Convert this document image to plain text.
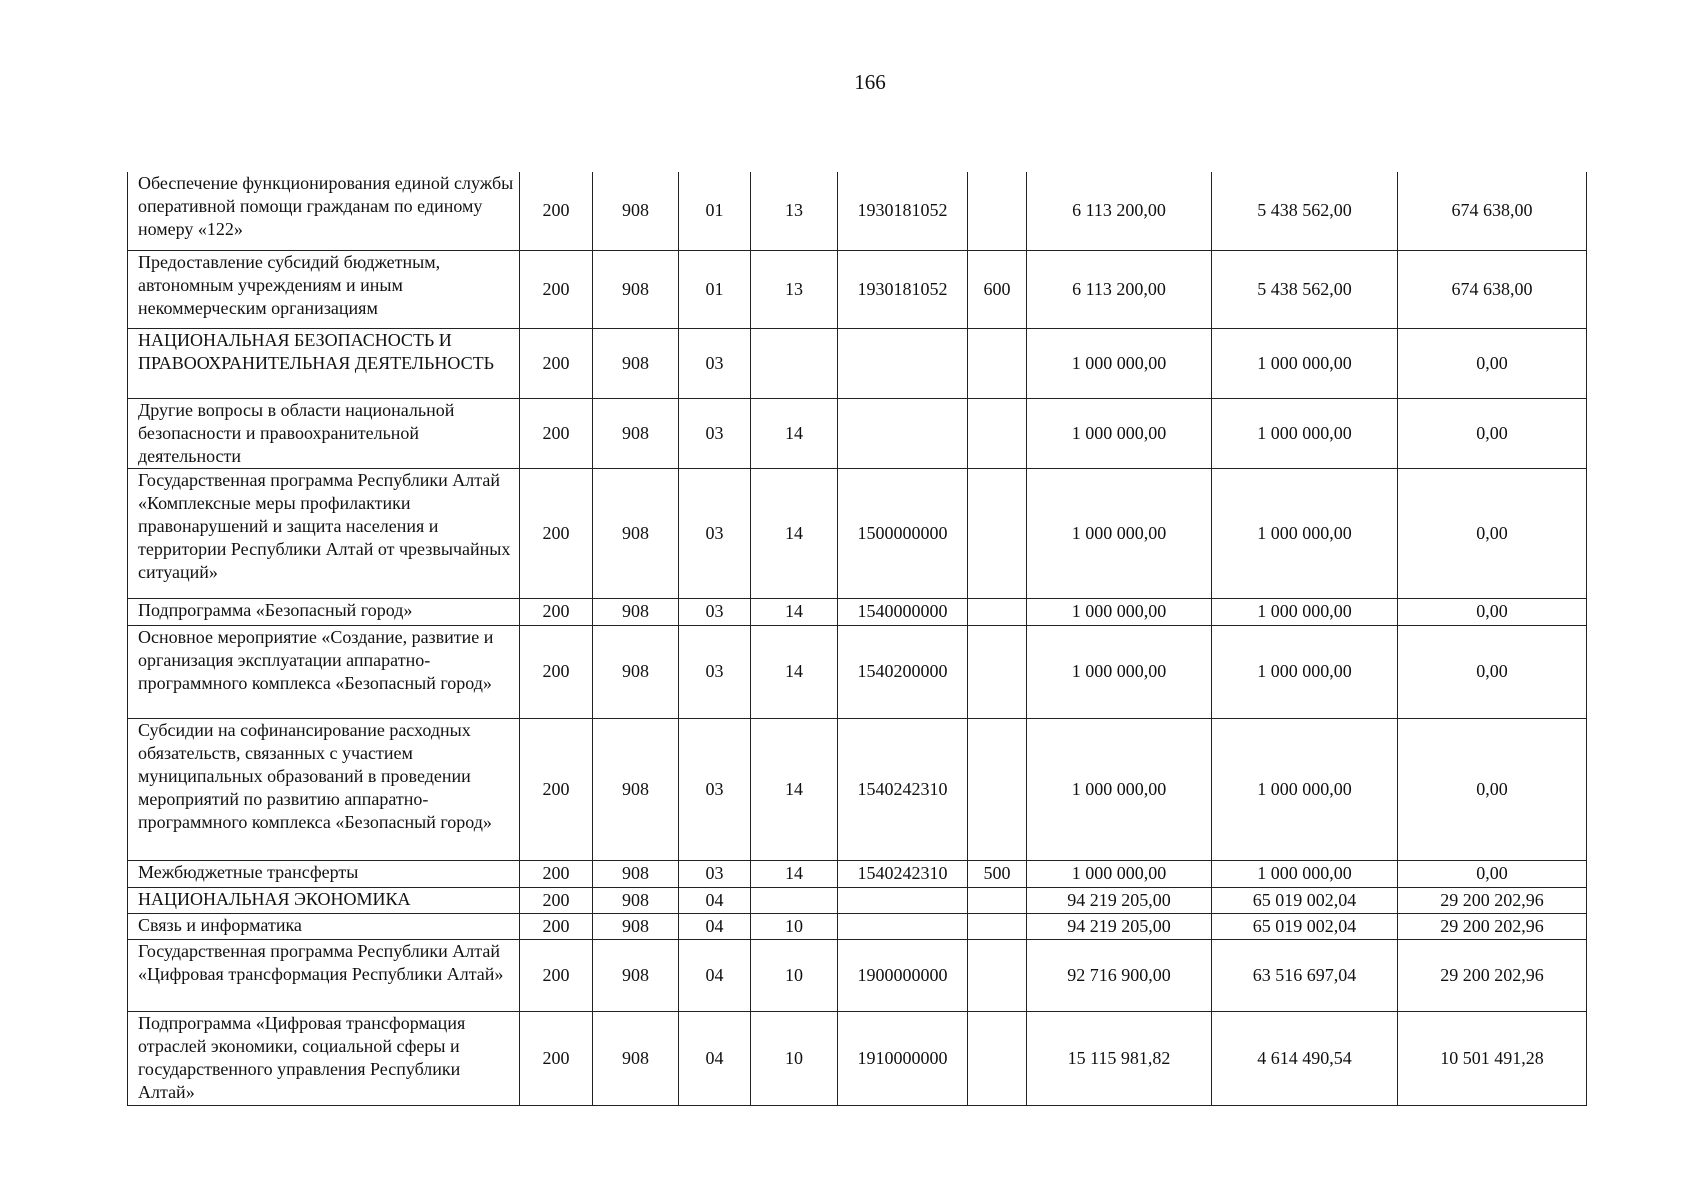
166
Обеспечение функционирования единой службы оперативной помощи гражданам по единому номеру «122»	200	908	01	13	1930181052		6 113 200,00	5 438 562,00	674 638,00
Предоставление субсидий бюджетным, автономным учреждениям и иным некоммерческим организациям	200	908	01	13	1930181052	600	6 113 200,00	5 438 562,00	674 638,00
НАЦИОНАЛЬНАЯ БЕЗОПАСНОСТЬ И ПРАВООХРАНИТЕЛЬНАЯ ДЕЯТЕЛЬНОСТЬ	200	908	03				1 000 000,00	1 000 000,00	0,00
Другие вопросы в области национальной безопасности и правоохранительной деятельности	200	908	03	14			1 000 000,00	1 000 000,00	0,00
Государственная программа Республики Алтай «Комплексные меры профилактики правонарушений и защита населения и территории Республики Алтай от чрезвычайных ситуаций»	200	908	03	14	1500000000		1 000 000,00	1 000 000,00	0,00
Подпрограмма «Безопасный город»	200	908	03	14	1540000000		1 000 000,00	1 000 000,00	0,00
Основное мероприятие «Создание, развитие и организация эксплуатации аппаратно-программного комплекса «Безопасный город»	200	908	03	14	1540200000		1 000 000,00	1 000 000,00	0,00
Субсидии на софинансирование расходных обязательств, связанных с участием муниципальных образований в проведении мероприятий по развитию аппаратно-программного комплекса «Безопасный город»	200	908	03	14	1540242310		1 000 000,00	1 000 000,00	0,00
Межбюджетные трансферты	200	908	03	14	1540242310	500	1 000 000,00	1 000 000,00	0,00
НАЦИОНАЛЬНАЯ ЭКОНОМИКА	200	908	04				94 219 205,00	65 019 002,04	29 200 202,96
Связь и информатика	200	908	04	10			94 219 205,00	65 019 002,04	29 200 202,96
Государственная программа Республики Алтай «Цифровая трансформация Республики Алтай»	200	908	04	10	1900000000		92 716 900,00	63 516 697,04	29 200 202,96
Подпрограмма «Цифровая трансформация отраслей экономики, социальной сферы и государственного управления Республики Алтай»	200	908	04	10	1910000000		15 115 981,82	4 614 490,54	10 501 491,28
